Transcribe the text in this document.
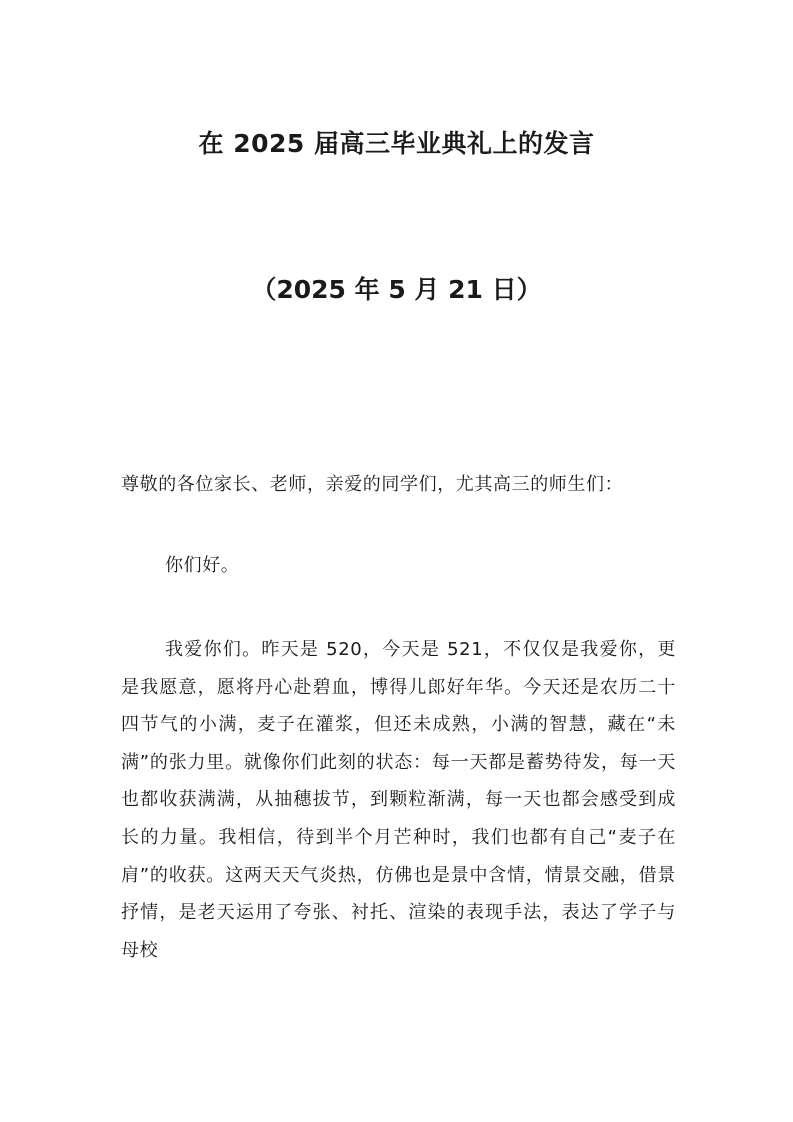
在 2025 届高三毕业典礼上的发言
（2025 年 5 月 21 日）
尊敬的各位家长、老师，亲爱的同学们，尤其高三的师生们：
你们好。
我爱你们。昨天是 520，今天是 521，不仅仅是我爱你，更是我愿意，愿将丹心赴碧血，博得儿郎好年华。今天还是农历二十四节气的小满，麦子在灌浆，但还未成熟，小满的智慧，藏在“未满”的张力里。就像你们此刻的状态：每一天都是蓄势待发，每一天也都收获满满，从抽穗拔节，到颗粒渐满，每一天也都会感受到成长的力量。我相信，待到半个月芒种时，我们也都有自己“麦子在肩”的收获。这两天天气炎热，仿佛也是景中含情，情景交融，借景抒情，是老天运用了夸张、衬托、渲染的表现手法，表达了学子与母校
